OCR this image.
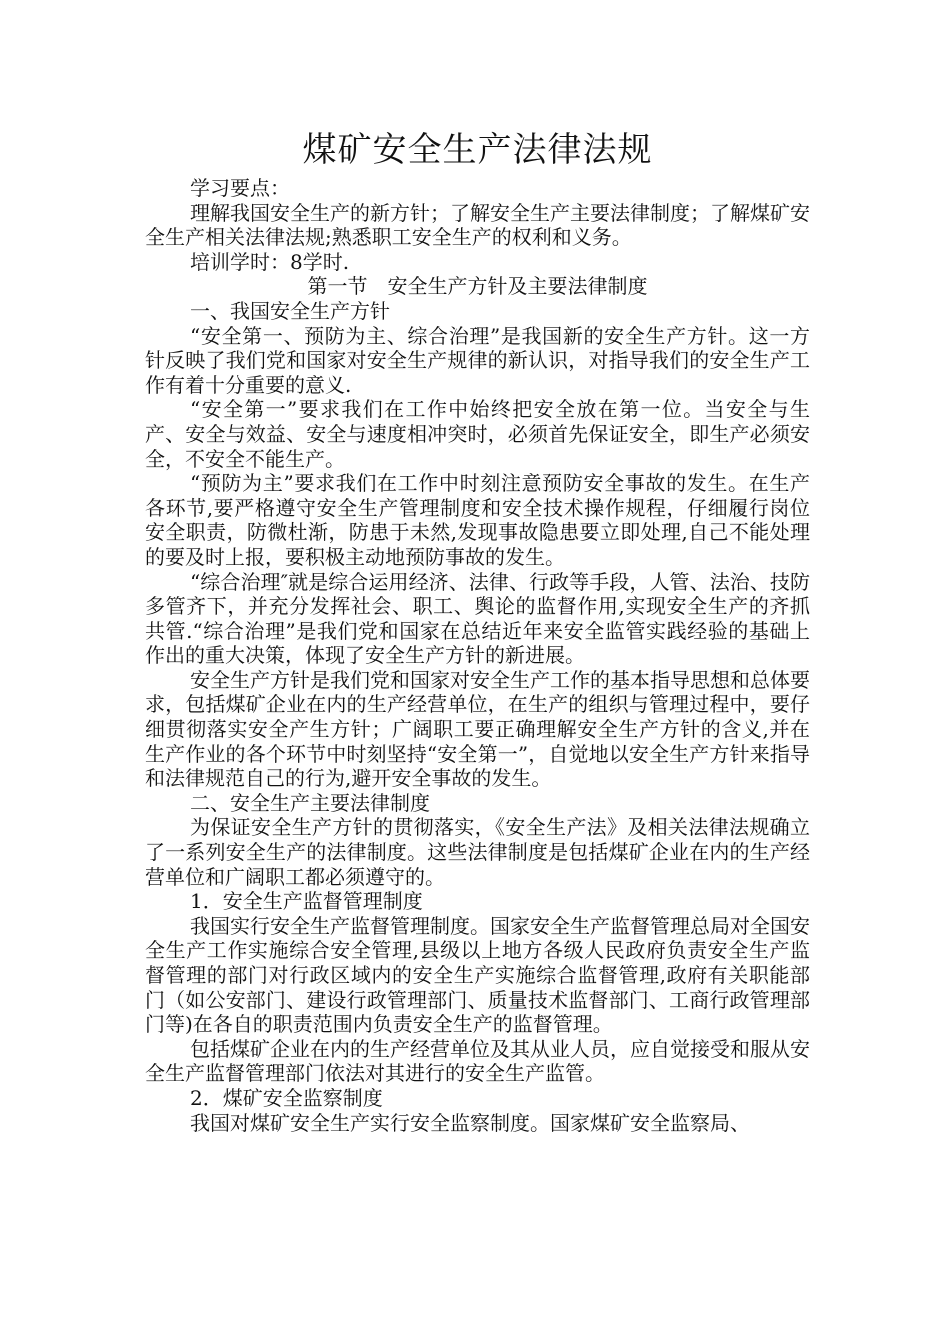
煤矿安全生产法律法规

学习要点：

理解我国安全生产的新方针；了解安全生产主要法律制度；了解煤矿安全生产相关法律法规;熟悉职工安全生产的权利和义务。

培训学时：8学时.

第一节　安全生产方针及主要法律制度

一、我国安全生产方针

“安全第一、预防为主、综合治理”是我国新的安全生产方针。这一方针反映了我们党和国家对安全生产规律的新认识，对指导我们的安全生产工作有着十分重要的意义.

“安全第一”要求我们在工作中始终把安全放在第一位。当安全与生产、安全与效益、安全与速度相冲突时，必须首先保证安全，即生产必须安全，不安全不能生产。

“预防为主”要求我们在工作中时刻注意预防安全事故的发生。在生产各环节,要严格遵守安全生产管理制度和安全技术操作规程，仔细履行岗位安全职责，防微杜渐，防患于未然,发现事故隐患要立即处理,自己不能处理的要及时上报，要积极主动地预防事故的发生。

“综合治理″就是综合运用经济、法律、行政等手段，人管、法治、技防多管齐下，并充分发挥社会、职工、舆论的监督作用,实现安全生产的齐抓共管.“综合治理”是我们党和国家在总结近年来安全监管实践经验的基础上作出的重大决策，体现了安全生产方针的新进展。

安全生产方针是我们党和国家对安全生产工作的基本指导思想和总体要求，包括煤矿企业在内的生产经营单位，在生产的组织与管理过程中，要仔细贯彻落实安全产生方针；广阔职工要正确理解安全生产方针的含义,并在生产作业的各个环节中时刻坚持“安全第一”，自觉地以安全生产方针来指导和法律规范自己的行为,避开安全事故的发生。

二、安全生产主要法律制度

为保证安全生产方针的贯彻落实，《安全生产法》及相关法律法规确立了一系列安全生产的法律制度。这些法律制度是包括煤矿企业在内的生产经营单位和广阔职工都必须遵守的。

1．安全生产监督管理制度

我国实行安全生产监督管理制度。国家安全生产监督管理总局对全国安全生产工作实施综合安全管理,县级以上地方各级人民政府负责安全生产监督管理的部门对行政区域内的安全生产实施综合监督管理,政府有关职能部门（如公安部门、建设行政管理部门、质量技术监督部门、工商行政管理部门等)在各自的职责范围内负责安全生产的监督管理。

包括煤矿企业在内的生产经营单位及其从业人员，应自觉接受和服从安全生产监督管理部门依法对其进行的安全生产监管。

2．煤矿安全监察制度

我国对煤矿安全生产实行安全监察制度。国家煤矿安全监察局、
